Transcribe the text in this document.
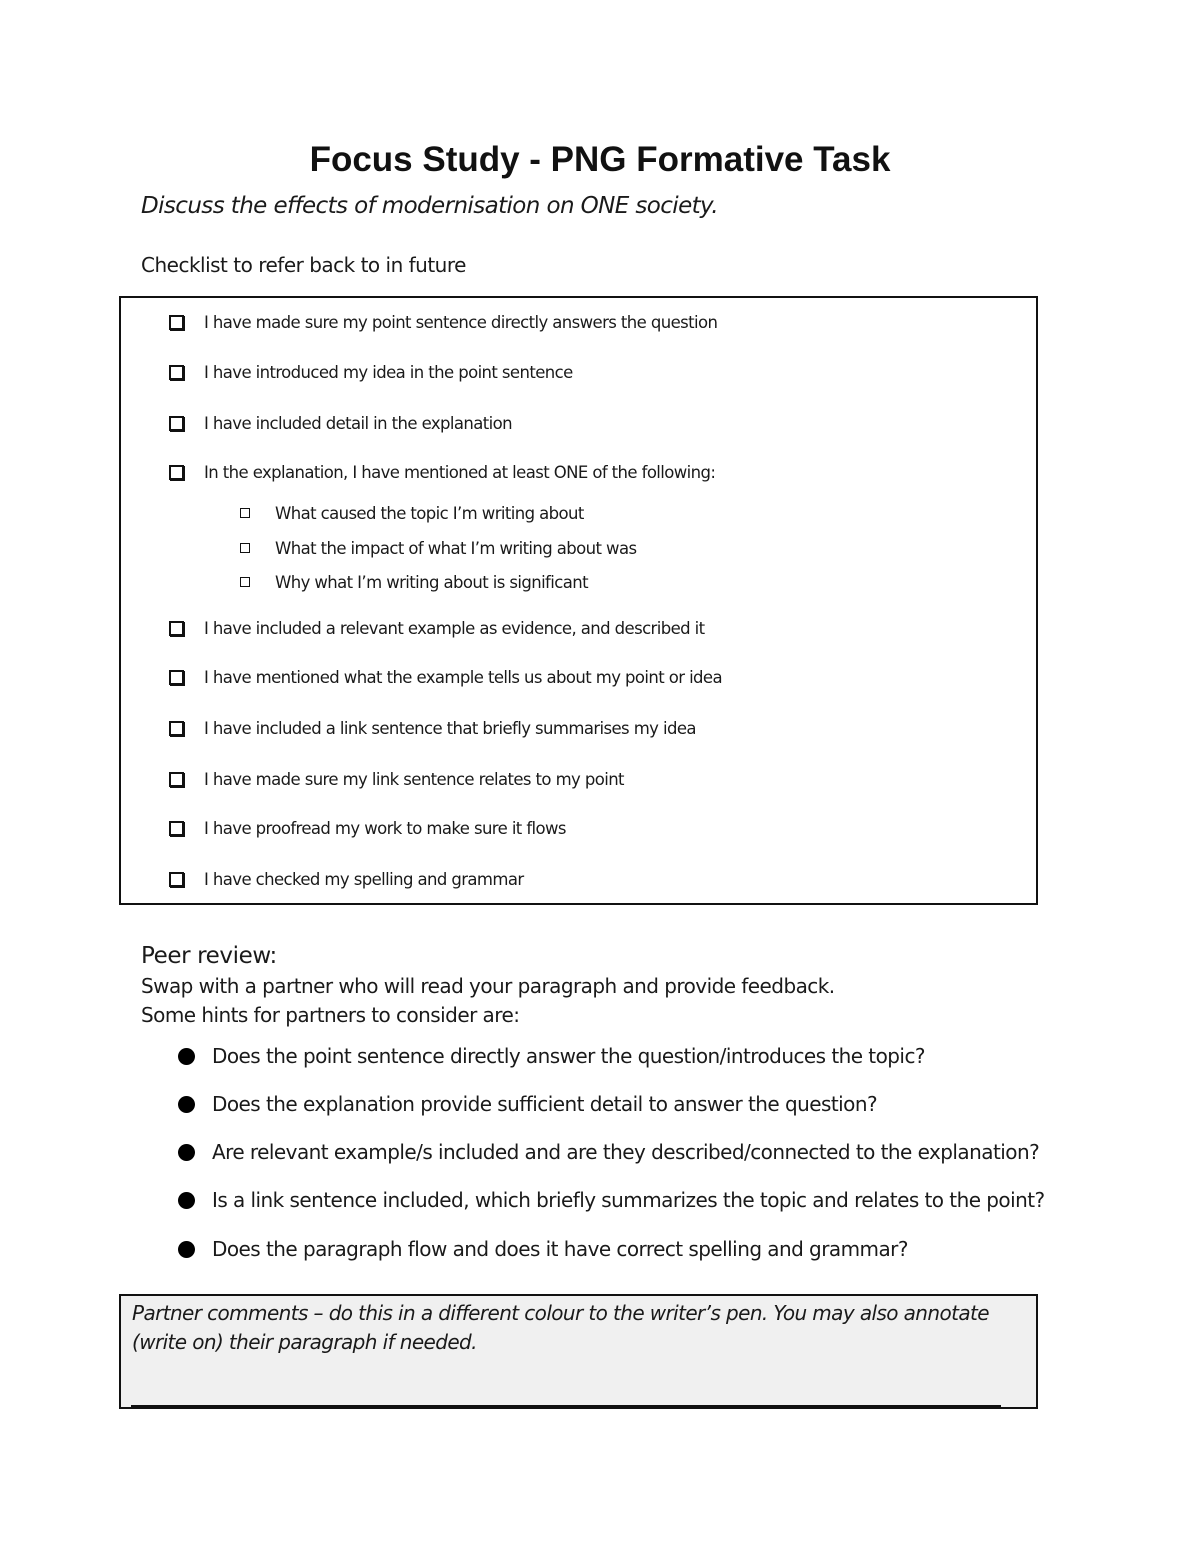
Focus Study - PNG Formative Task
Discuss the effects of modernisation on ONE society.
Checklist to refer back to in future
I have made sure my point sentence directly answers the question
I have introduced my idea in the point sentence
I have included detail in the explanation
In the explanation, I have mentioned at least ONE of the following:
What caused the topic I’m writing about
What the impact of what I’m writing about was
Why what I’m writing about is significant
I have included a relevant example as evidence, and described it
I have mentioned what the example tells us about my point or idea
I have included a link sentence that briefly summarises my idea
I have made sure my link sentence relates to my point
I have proofread my work to make sure it flows
I have checked my spelling and grammar
Peer review:
Swap with a partner who will read your paragraph and provide feedback.
Some hints for partners to consider are:
Does the point sentence directly answer the question/introduces the topic?
Does the explanation provide sufficient detail to answer the question?
Are relevant example/s included and are they described/connected to the explanation?
Is a link sentence included, which briefly summarizes the topic and relates to the point?
Does the paragraph flow and does it have correct spelling and grammar?
Partner comments – do this in a different colour to the writer’s pen. You may also annotate (write on) their paragraph if needed.
